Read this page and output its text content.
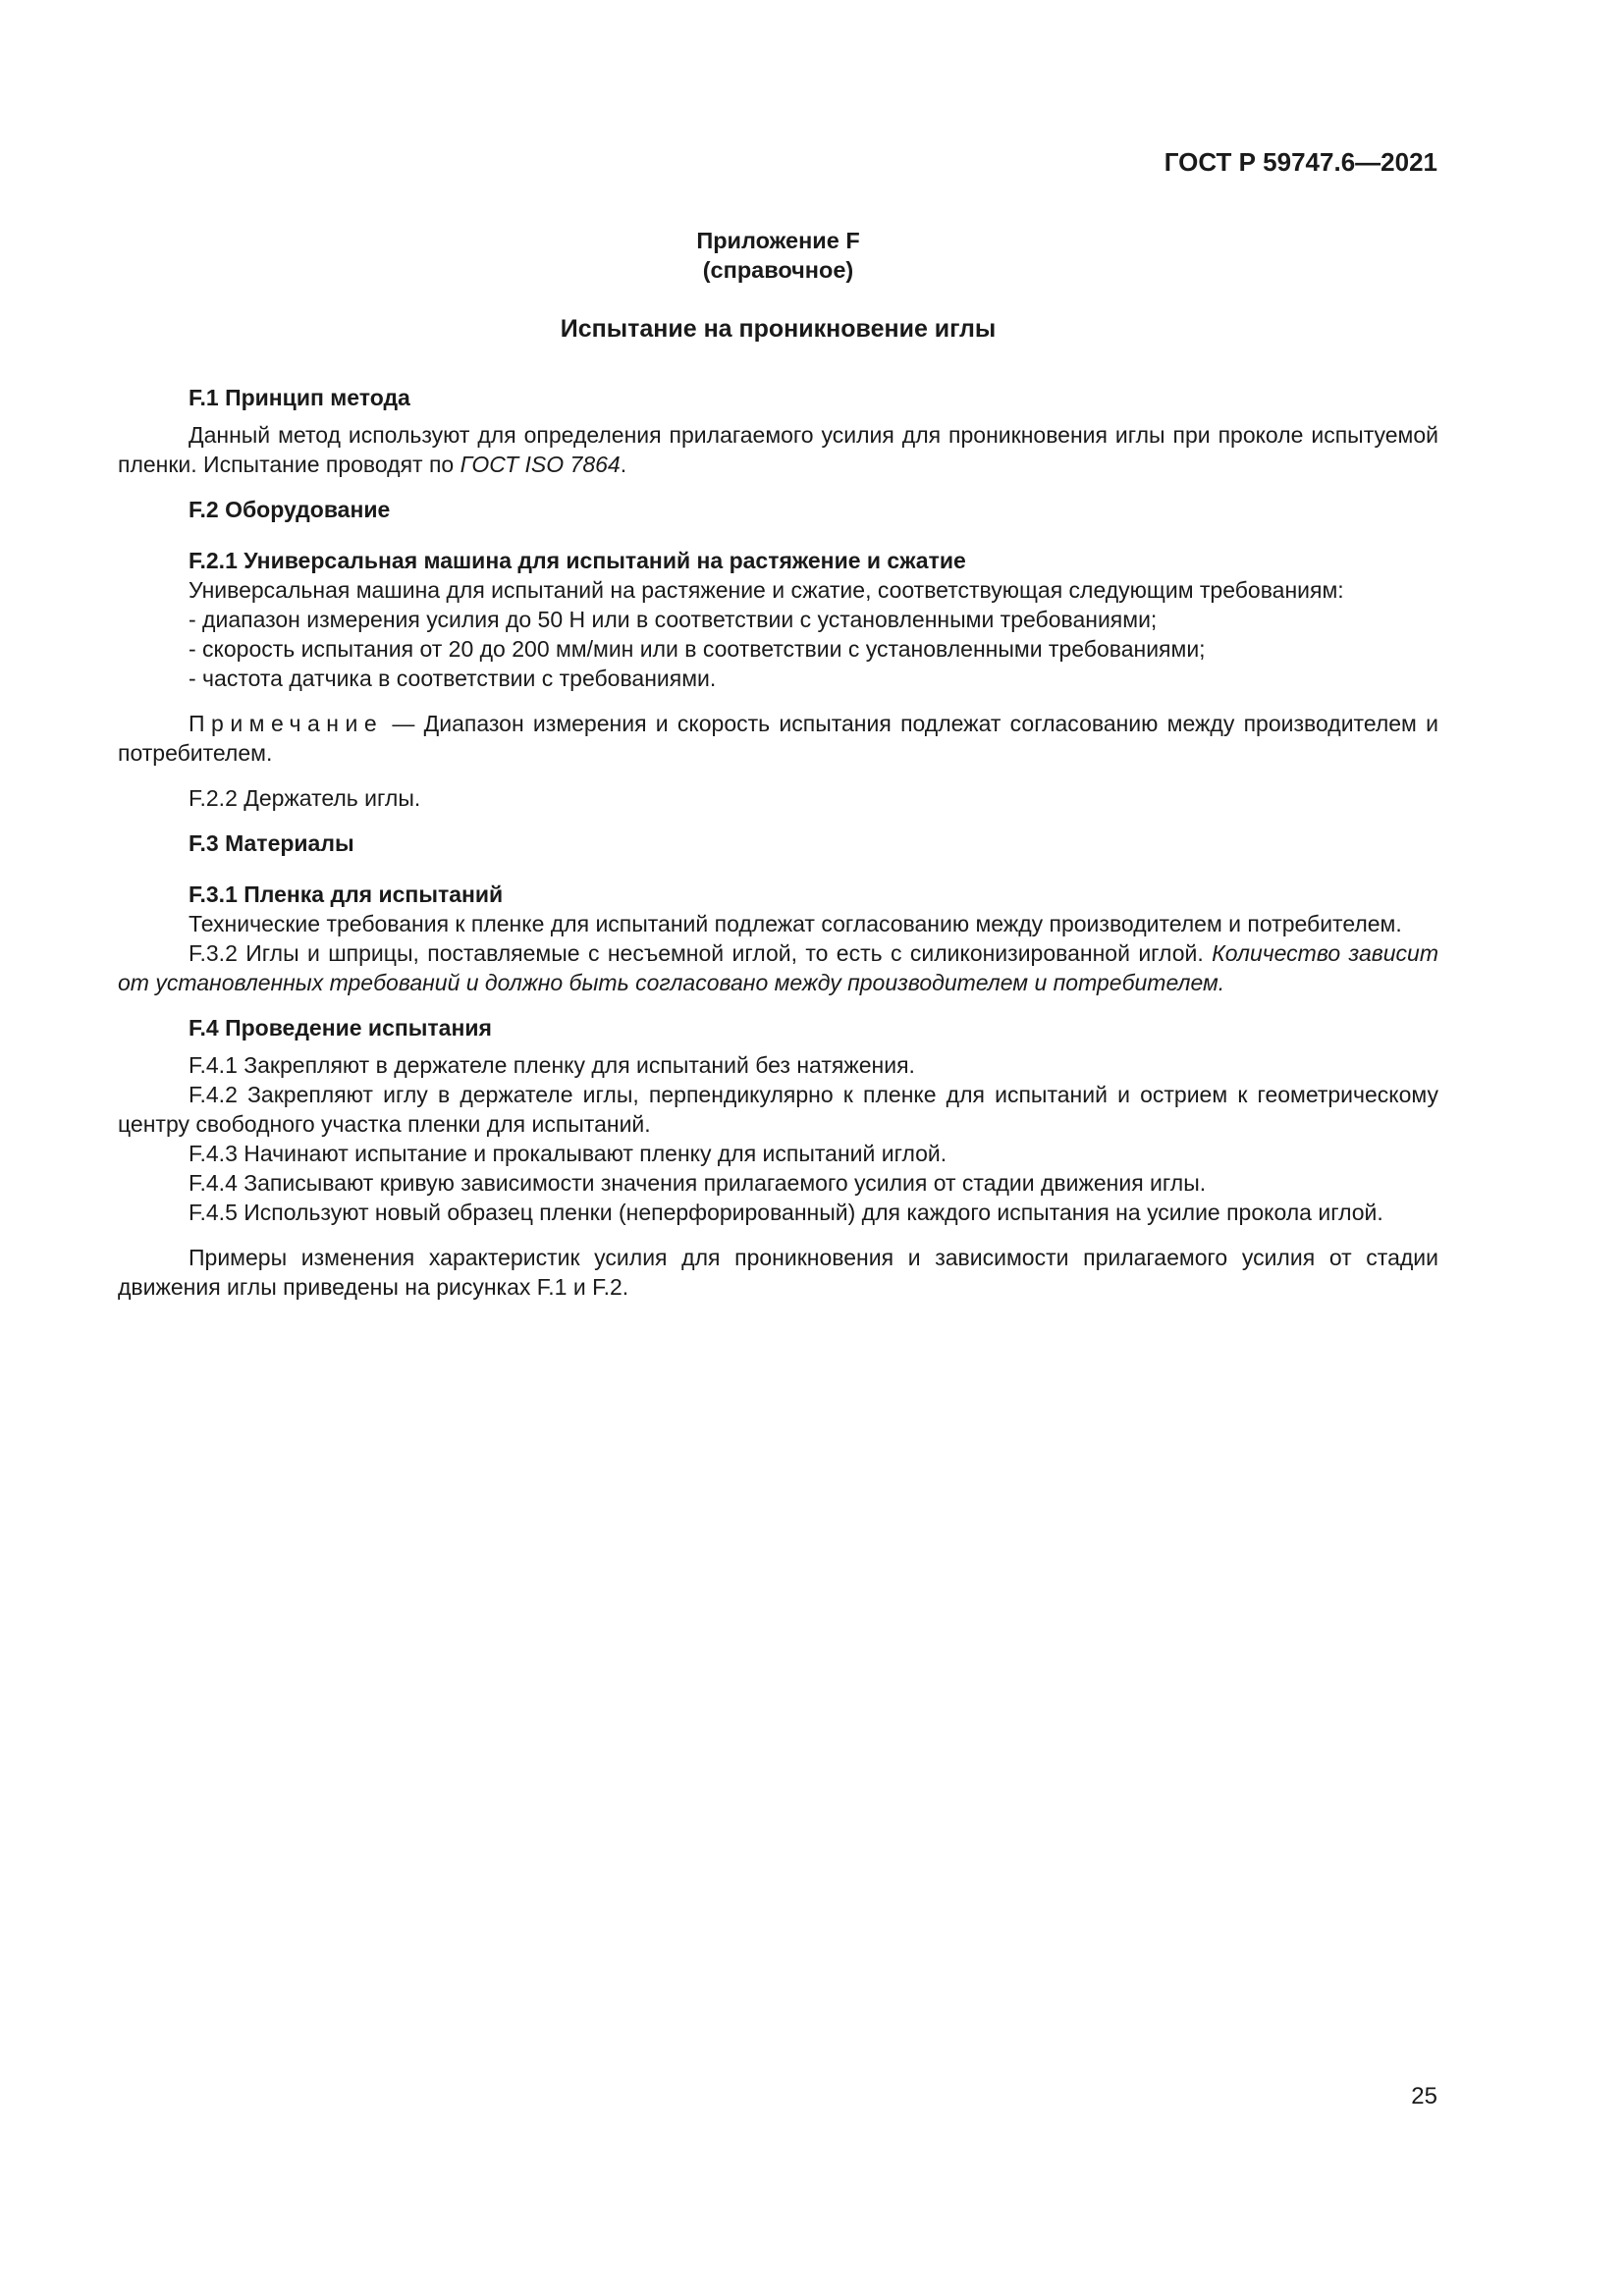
ГОСТ Р 59747.6—2021
Приложение F
(справочное)
Испытание на проникновение иглы
F.1 Принцип метода

Данный метод используют для определения прилагаемого усилия для проникновения иглы при проколе испытуемой пленки. Испытание проводят по ГОСТ ISO 7864.

F.2 Оборудование
F.2.1 Универсальная машина для испытаний на растяжение и сжатие

Универсальная машина для испытаний на растяжение и сжатие, соответствующая следующим требованиям:

- диапазон измерения усилия до 50 Н или в соответствии с установленными требованиями;

- скорость испытания от 20 до 200 мм/мин или в соответствии с установленными требованиями;

- частота датчика в соответствии с требованиями.

Примечание — Диапазон измерения и скорость испытания подлежат согласованию между производителем и потребителем.

F.2.2 Держатель иглы.

F.3 Материалы
F.3.1 Пленка для испытаний

Технические требования к пленке для испытаний подлежат согласованию между производителем и потребителем.

F.3.2 Иглы и шприцы, поставляемые с несъемной иглой, то есть с силиконизированной иглой. Количество зависит от установленных требований и должно быть согласовано между производителем и потребителем.

F.4 Проведение испытания

F.4.1 Закрепляют в держателе пленку для испытаний без натяжения.

F.4.2 Закрепляют иглу в держателе иглы, перпендикулярно к пленке для испытаний и острием к геометрическому центру свободного участка пленки для испытаний.

F.4.3 Начинают испытание и прокалывают пленку для испытаний иглой.

F.4.4 Записывают кривую зависимости значения прилагаемого усилия от стадии движения иглы.

F.4.5 Используют новый образец пленки (неперфорированный) для каждого испытания на усилие прокола иглой.

Примеры изменения характеристик усилия для проникновения и зависимости прилагаемого усилия от стадии движения иглы приведены на рисунках F.1 и F.2.

25
